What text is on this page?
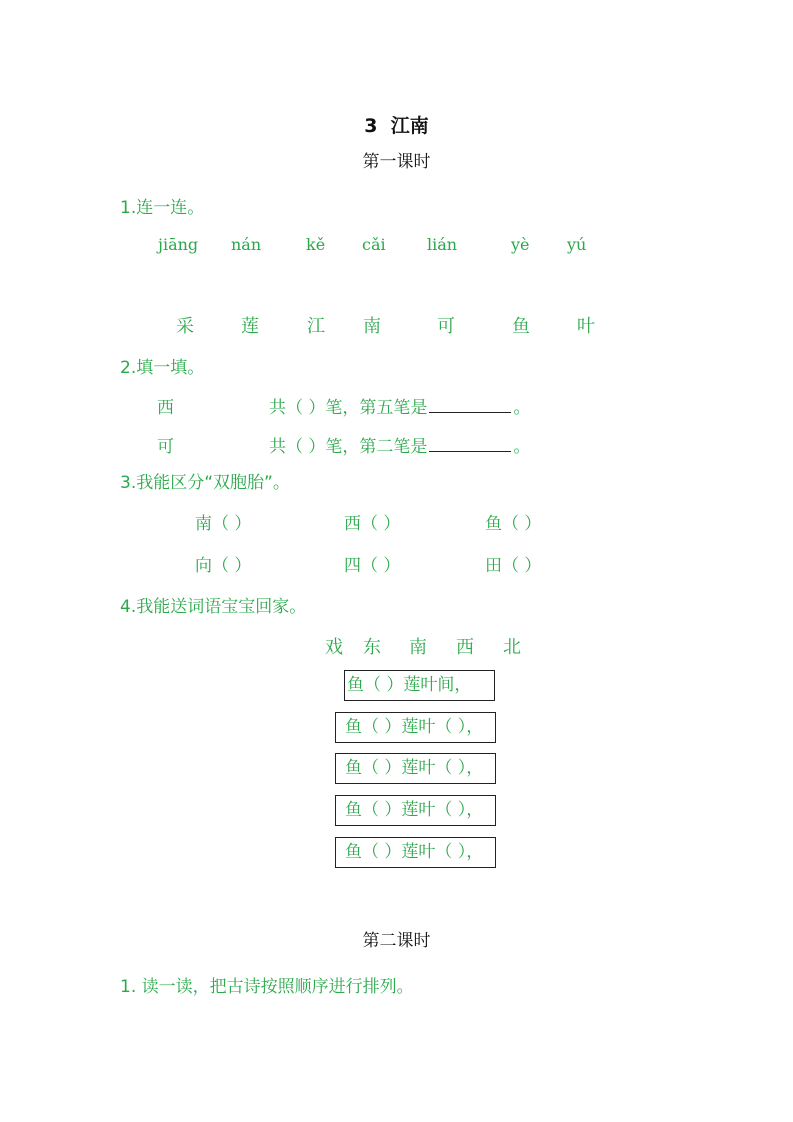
3 江南
第一课时
1.连一连。
jiāng nán	kě cǎi	lián	yè yú
采	莲	江 南	可	鱼	叶
2.填一填。
西	共（ ）笔，第五笔是	。
可	共（ ）笔，第二笔是	。
3.我能区分“双胞胎”。
南（ ）	西（ ）	鱼（ ）
向（ ）	四（ ）	田（ ）
4.我能送词语宝宝回家。
戏 东 南 西 北
鱼（ ）莲叶间，
鱼（ ）莲叶（ ），
鱼（ ）莲叶（ ），
鱼（ ）莲叶（ ），
鱼（ ）莲叶（ ），
第二课时
1. 读一读，把古诗按照顺序进行排列。
